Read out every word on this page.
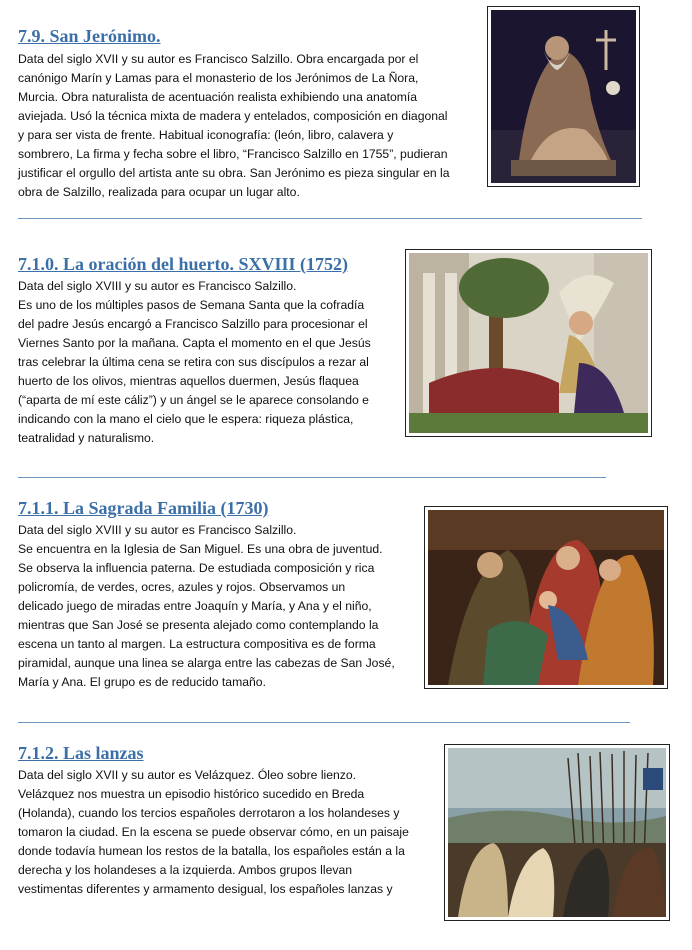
7.9. San Jerónimo.
Data del siglo XVII y su autor es Francisco Salzillo. Obra encargada por el
canónigo Marín y Lamas para el monasterio de los Jerónimos de La Ñora,
Murcia. Obra naturalista de acentuación realista exhibiendo una anatomía
aviejada. Usó la técnica mixta de madera y entelados, composición en diagonal
y para ser vista de frente. Habitual iconografía: (león, libro, calavera y
sombrero, La firma y fecha sobre el libro, “Francisco Salzillo en 1755”, pudieran
justificar el orgullo del artista ante su obra. San Jerónimo es pieza singular en la
obra de Salzillo, realizada para ocupar un lugar alto.
7.1.0. La oración del huerto. SXVIII (1752)
Data del siglo XVIII y su autor es Francisco Salzillo.
Es uno de los múltiples pasos de Semana Santa que la cofradía
del padre Jesús encargó a Francisco Salzillo para procesionar el
Viernes Santo por la mañana. Capta el momento en el que Jesús
tras celebrar la última cena se retira con sus discípulos a rezar al
huerto de los olivos, mientras aquellos duermen, Jesús flaquea
(“aparta de mí este cáliz”) y un ángel se le aparece consolando e
indicando con la mano el cielo que le espera: riqueza plástica,
teatralidad y naturalismo.
7.1.1. La Sagrada Familia (1730)
Data del siglo XVIII y su autor es Francisco Salzillo.
Se encuentra en la Iglesia de San Miguel. Es una obra de juventud.
Se observa la influencia paterna. De estudiada composición y rica
policromía, de verdes, ocres, azules y rojos. Observamos un
delicado juego de miradas entre Joaquín y María, y Ana y el niño,
mientras que San José se presenta alejado como contemplando la
escena un tanto al margen. La estructura compositiva es de forma
piramidal, aunque una linea se alarga entre las cabezas de San José,
María y Ana. El grupo es de reducido tamaño.
7.1.2. Las lanzas
Data del siglo XVII y su autor es Velázquez. Óleo sobre lienzo.
Velázquez nos muestra un episodio histórico sucedido en Breda
(Holanda), cuando los tercios españoles derrotaron a los holandeses y
tomaron la ciudad. En la escena se puede observar cómo, en un paisaje
donde todavía humean los restos de la batalla, los españoles están a la
derecha y los holandeses a la izquierda. Ambos grupos llevan
vestimentas diferentes y armamento desigual, los españoles lanzas y
